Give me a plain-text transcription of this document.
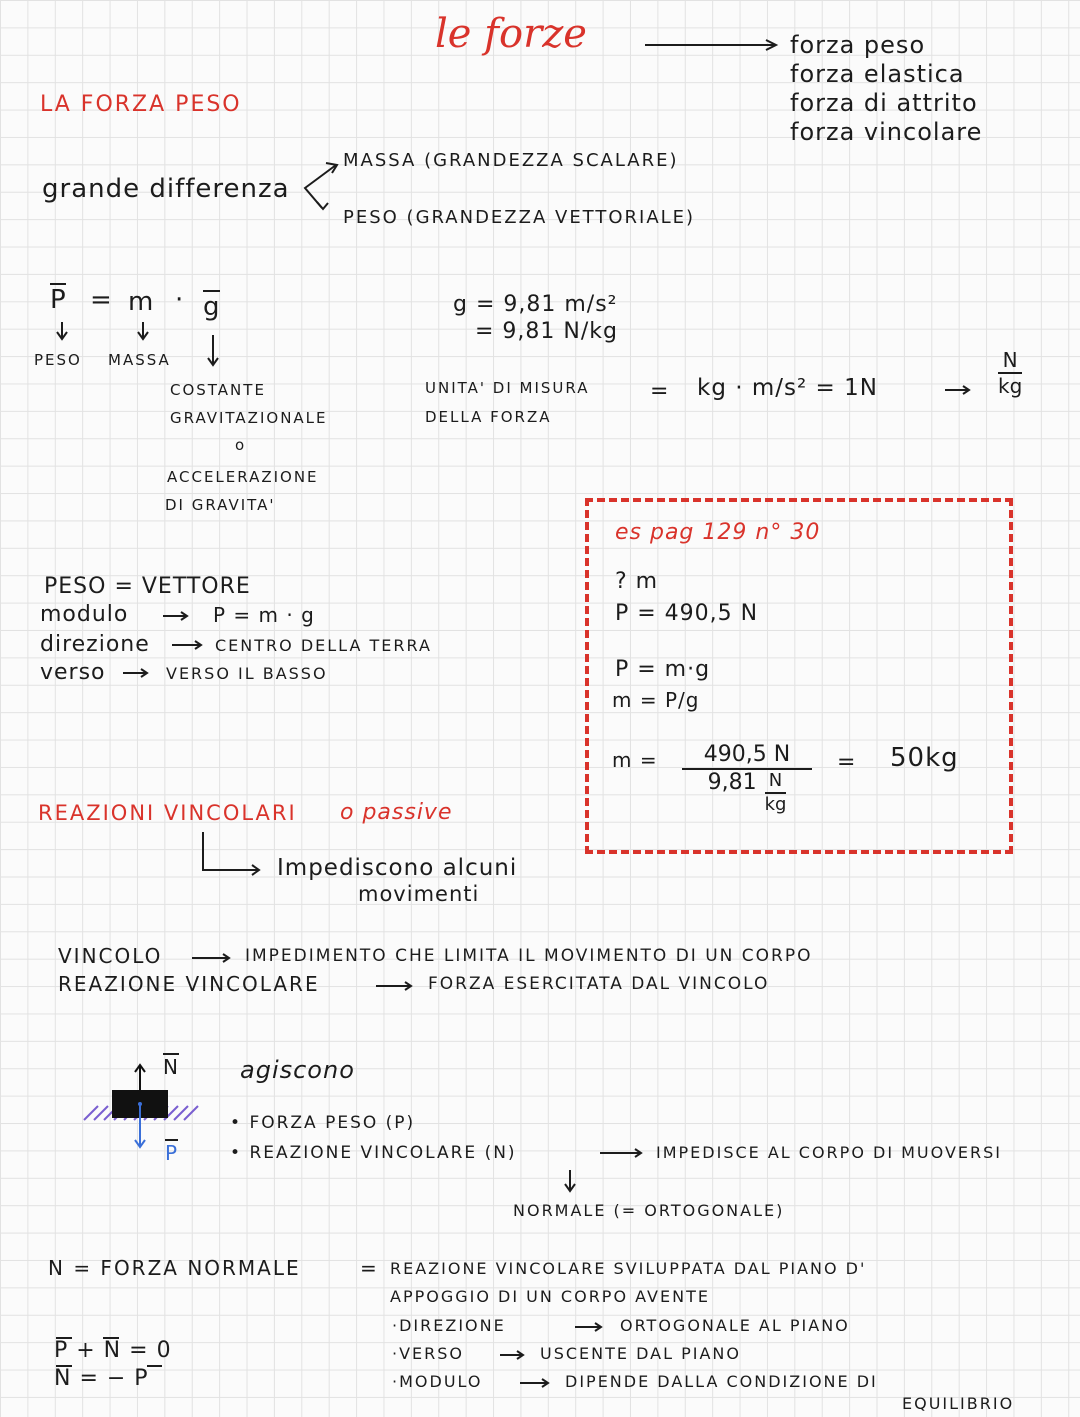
le forze	forza peso
forza elastica
forza di attrito
forza vincolare
LA FORZA PESO
grande differenza
MASSA (GRANDEZZA SCALARE)
PESO (GRANDEZZA VETTORIALE)
P = m · g
PESO MASSA
COSTANTE
GRAVITAZIONALE
o
ACCELERAZIONE
DI GRAVITA'
g = 9,81 m/s²
= 9,81 N/kg
UNITA' DI MISURA
DELLA FORZA
= kg · m/s² = 1N
N
kg
PESO = VETTORE
modulo	P = m · g
direzione	CENTRO DELLA TERRA
verso	VERSO IL BASSO
es pag 129 n° 30
? m
P = 490,5 N
P = m·g
m = P/g
m = 490,5 N
$9,81 \frac{N}{kg}$
= 50kg
REAZIONI VINCOLARI o passive
Impediscono alcuni
movimenti
VINCOLO	IMPEDIMENTO CHE LIMITA IL MOVIMENTO DI UN CORPO
REAZIONE VINCOLARE	FORZA ESERCITATA DAL VINCOLO
agiscono
• FORZA PESO (P)
• REAZIONE VINCOLARE (N)	IMPEDISCE AL CORPO DI MUOVERSI
NORMALE (= ORTOGONALE)
N
P
N = FORZA NORMALE	= REAZIONE VINCOLARE SVILUPPATA DAL PIANO D'
APPOGGIO DI UN CORPO AVENTE
·DIREZIONE	ORTOGONALE AL PIANO
·VERSO	USCENTE DAL PIANO
·MODULO	DIPENDE DALLA CONDIZIONE DI
EQUILIBRIO
P + N = 0
N = − P
